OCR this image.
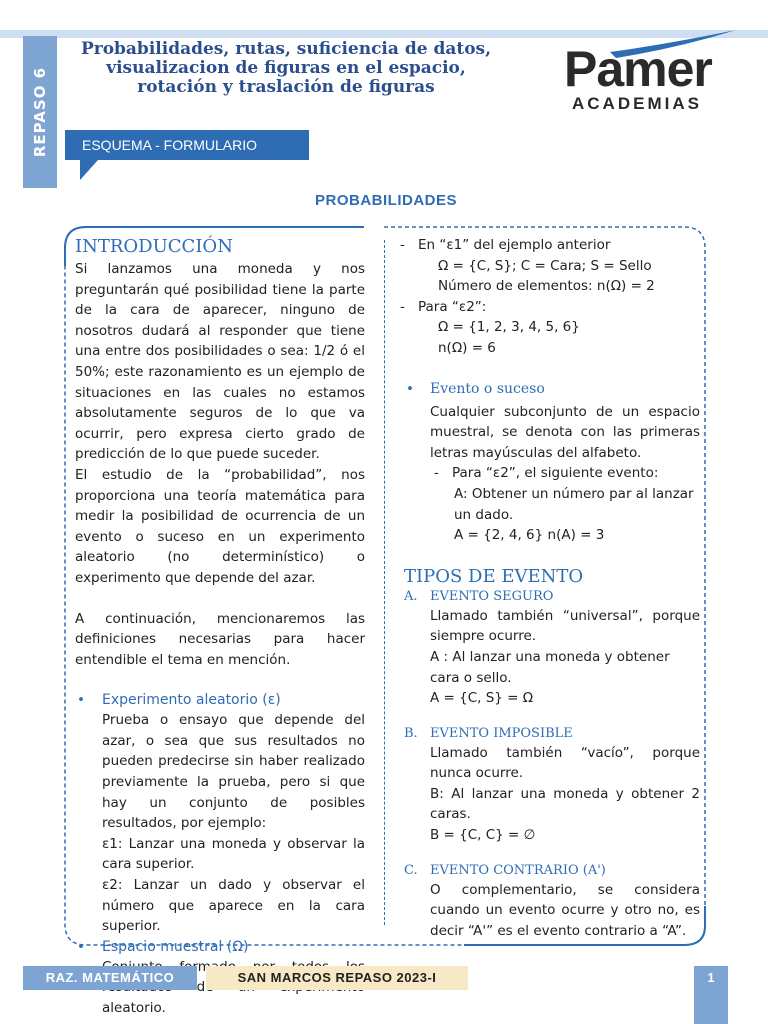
REPASO 6
Probabilidades, rutas, suficiencia de datos, visualizacion de figuras en el espacio, rotación y traslación de figuras	Pamer
ACADEMIAS
ESQUEMA - FORMULARIO
PROBABILIDADES
INTRODUCCIÓN

Si lanzamos una moneda y nos preguntarán qué posibilidad tiene la parte de la cara de aparecer, ninguno de nosotros dudará al responder que tiene una entre dos posibilidades o sea: 1/2 ó el 50%; este razonamiento es un ejemplo de situaciones en las cuales no estamos absolutamente seguros de lo que va ocurrir, pero expresa cierto grado de predicción de lo que puede suceder.

El estudio de la “probabilidad”, nos proporciona una teoría matemática para medir la posibilidad de ocurrencia de un evento o suceso en un experimento aleatorio (no determinístico) o experimento que depende del azar.

A continuación, mencionaremos las definiciones necesarias para hacer entendible el tema en mención.

• Experimento aleatorio (ε)

Prueba o ensayo que depende del azar, o sea que sus resultados no pueden predecirse sin haber realizado previamente la prueba, pero si que hay un conjunto de posibles resultados, por ejemplo:

ε1: Lanzar una moneda y observar la cara superior.

ε2: Lanzar un dado y observar el número que aparece en la cara superior.

• Espacio muestral (Ω)

aleatorio.

- En “ε1” del ejemplo anterior
Ω = {C, S}; C = Cara; S = Sello
Número de elementos: n(Ω) = 2
- Para “ε2”:
Ω = {1, 2, 3, 4, 5, 6}
n(Ω) = 6
• Evento o suceso

Cualquier subconjunto de un espacio muestral, se denota con las primeras letras mayúsculas del alfabeto.

- Para “ε2”, el siguiente evento:
A: Obtener un número par al lanzar un dado.
A = {2, 4, 6} n(A) = 3
TIPOS DE EVENTO
A. EVENTO SEGURO

Llamado también “universal”, porque siempre ocurre.

A : Al lanzar una moneda y obtener cara o sello.

A = {C, S} = Ω

B. EVENTO IMPOSIBLE

Llamado también “vacío”, porque nunca ocurre.

B: Al lanzar una moneda y obtener 2 caras.

B = {C, C} = ∅

C. EVENTO CONTRARIO (A')

O complementario, se considera cuando un evento ocurre y otro no, es decir “A'” es el evento contrario a “A”.

RAZ. MATEMÁTICO	SAN MARCOS REPASO 2023-I	1
